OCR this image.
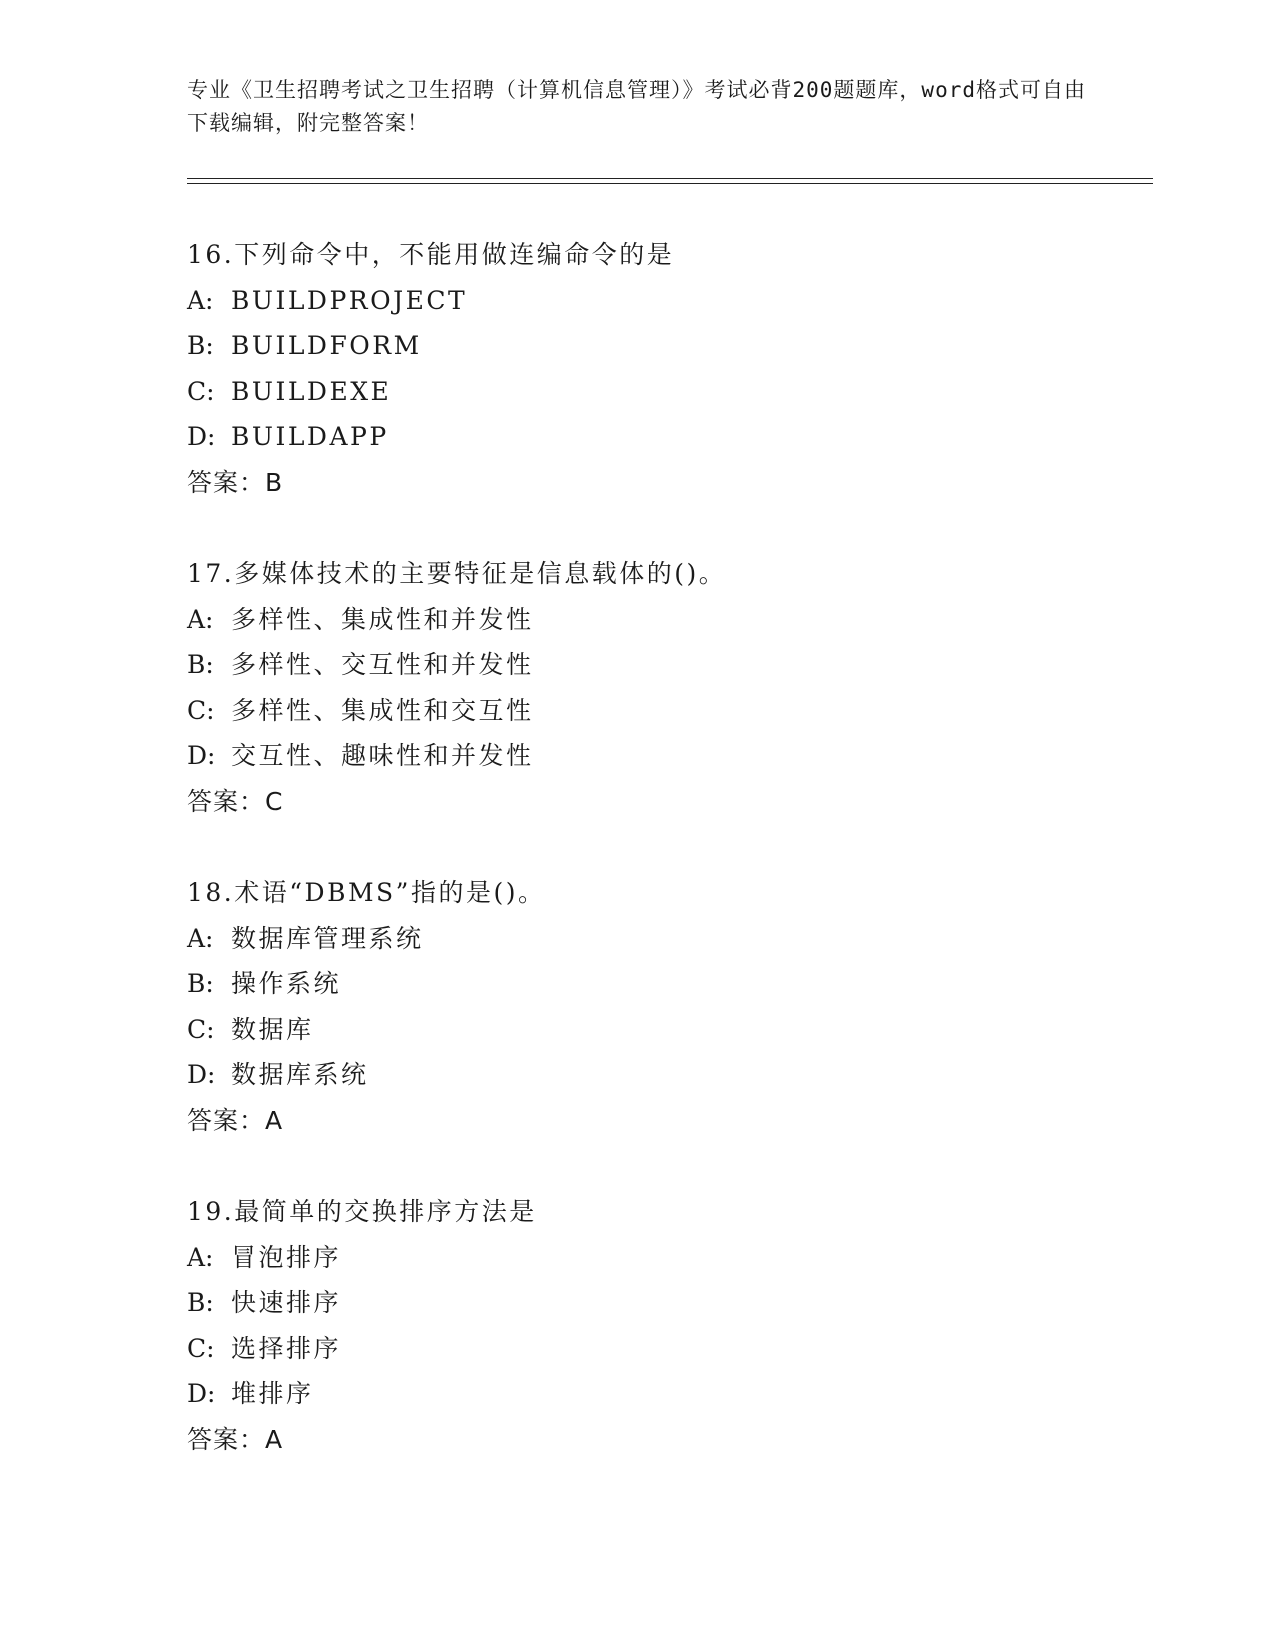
专业《卫生招聘考试之卫生招聘（计算机信息管理）》考试必背200题题库，word格式可自由下载编辑，附完整答案！
16.下列命令中，不能用做连编命令的是
A: BUILDPROJECT
B: BUILDFORM
C: BUILDEXE
D: BUILDAPP
答案：B
17.多媒体技术的主要特征是信息载体的()。
A: 多样性、集成性和并发性
B: 多样性、交互性和并发性
C: 多样性、集成性和交互性
D: 交互性、趣味性和并发性
答案：C
18.术语“DBMS”指的是()。
A: 数据库管理系统
B: 操作系统
C: 数据库
D: 数据库系统
答案：A
19.最简单的交换排序方法是
A: 冒泡排序
B: 快速排序
C: 选择排序
D: 堆排序
答案：A
